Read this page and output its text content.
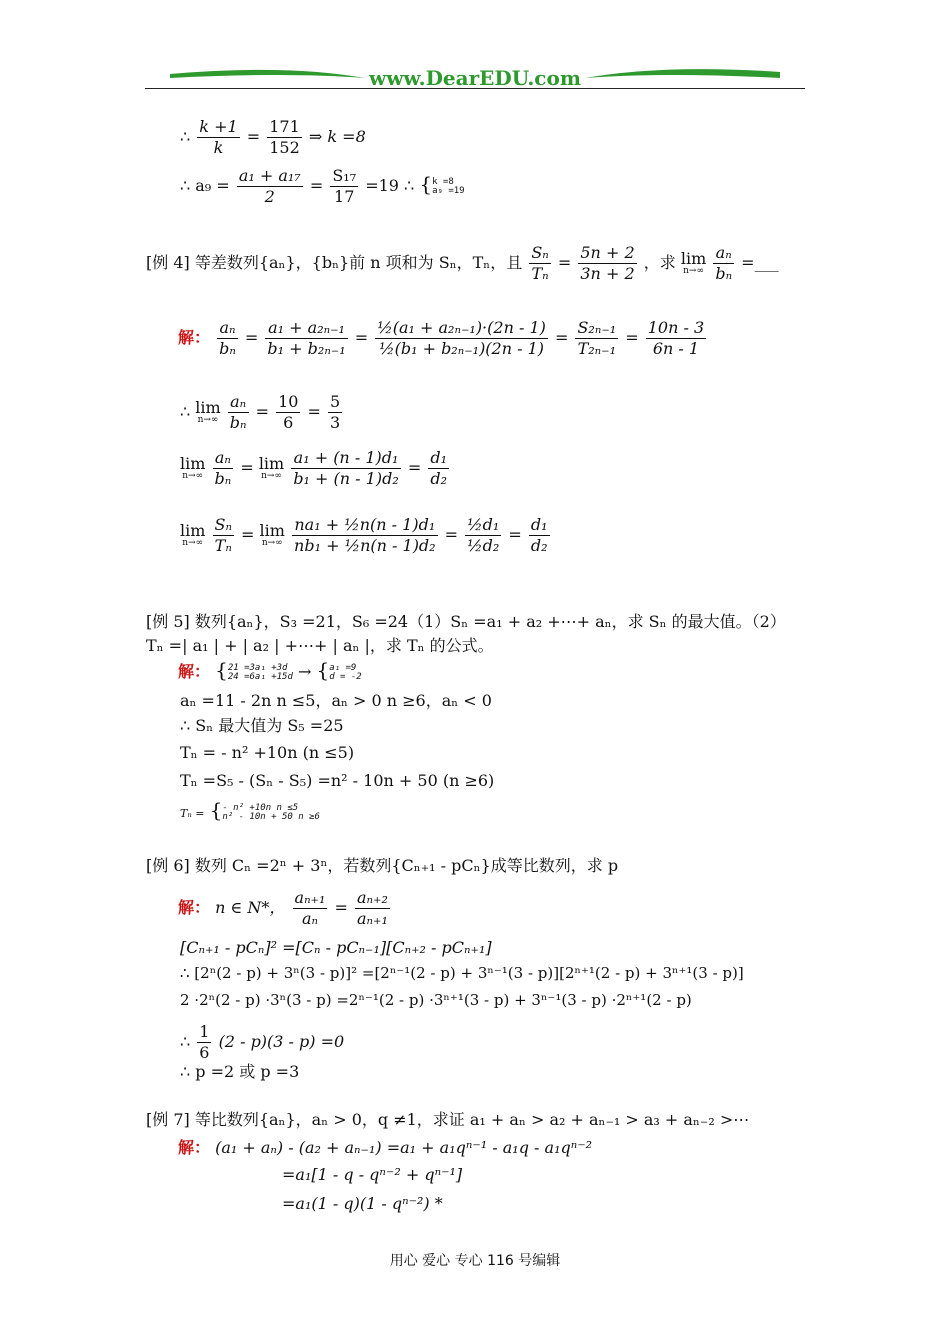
www.DearEDU.com
∴ $\frac{k +1}{k} = \frac{171}{152}$ ⇒ k =8
∴ $a_9 = \frac{\text{a₁ + a₁₇}}{2} = \frac{\text{S₁₇}}{17} =19$ ∴ { k =8
a₉ =19
[例 4] 等差数列{aₙ}，{bₙ}前 n 项和为 Sₙ，Tₙ，且 $\frac{\text{Sₙ}}{\text{Tₙ}} = \frac{5n + 2}{3n + 2}$ ，求 lim
n→∞
$\frac{\text{aₙ}}{\text{bₙ}}$ =___
解： $\frac{\text{aₙ}}{\text{bₙ}} = \frac{\text{a₁ + a₂ₙ₋₁}}{\text{b₁ + b₂ₙ₋₁}} = \frac{\text{½(a₁ + a₂ₙ₋₁)·(2n - 1)}}{\text{½(b₁ + b₂ₙ₋₁)(2n - 1)}} = \frac{\text{S₂ₙ₋₁}}{\text{T₂ₙ₋₁}} = \frac{10n - 3}{6n - 1}$
∴ lim
n→∞
$\frac{\text{aₙ}}{\text{bₙ}} = \frac{10}{6} = \frac{5}{3}$
lim
n→∞
$\frac{\text{aₙ}}{\text{bₙ}} = \lim$
n→∞
$\frac{\text{a₁ + (n - 1)d₁}}{\text{b₁ + (n - 1)d₂}} = \frac{\text{d₁}}{\text{d₂}}$
lim
n→∞
$\frac{\text{Sₙ}}{\text{Tₙ}} = \lim$
n→∞
$\frac{\text{na₁ + ½n(n - 1)d₁}}{\text{nb₁ + ½n(n - 1)d₂}} = \frac{\text{½d₁}}{\text{½d₂}} = \frac{\text{d₁}}{\text{d₂}}$
[例 5] 数列{aₙ}，S₃ =21，S₆ =24（1）Sₙ =a₁ + a₂ +⋯+ aₙ，求 Sₙ 的最大值。（2）
Tₙ =| a₁ | + | a₂ | +⋯+ | aₙ |，求 Tₙ 的公式。
解： { 21 =3a₁ +3d
24 =6a₁ +15d → { a₁ =9
d = -2
aₙ =11 - 2n n ≤5，aₙ > 0 n ≥6，aₙ < 0
∴ Sₙ 最大值为 S₅ =25
Tₙ = - n² +10n (n ≤5)
Tₙ =S₅ - (Sₙ - S₅) =n² - 10n + 50 (n ≥6)
Tₙ = { - n² +10n n ≤5
n² - 10n + 50 n ≥6
[例 6] 数列 Cₙ =2ⁿ + 3ⁿ，若数列{Cₙ₊₁ - pCₙ}成等比数列，求 p
解： n ∈ N*， $\frac{\text{aₙ₊₁}}{\text{aₙ}} = \frac{\text{aₙ₊₂}}{\text{aₙ₊₁}}$
[Cₙ₊₁ - pCₙ]² =[Cₙ - pCₙ₋₁][Cₙ₊₂ - pCₙ₊₁]
∴ [2ⁿ(2 - p) + 3ⁿ(3 - p)]² =[2ⁿ⁻¹(2 - p) + 3ⁿ⁻¹(3 - p)][2ⁿ⁺¹(2 - p) + 3ⁿ⁺¹(3 - p)]
2 ·2ⁿ(2 - p) ·3ⁿ(3 - p) =2ⁿ⁻¹(2 - p) ·3ⁿ⁺¹(3 - p) + 3ⁿ⁻¹(3 - p) ·2ⁿ⁺¹(2 - p)
∴ $\frac{1}{6} (2 - p)(3 - p) =0$
∴ p =2 或 p =3
[例 7] 等比数列{aₙ}，aₙ > 0，q ≠1，求证 a₁ + aₙ > a₂ + aₙ₋₁ > a₃ + aₙ₋₂ >⋯
解： (a₁ + aₙ) - (a₂ + aₙ₋₁) =a₁ + a₁qⁿ⁻¹ - a₁q - a₁qⁿ⁻²
=a₁[1 - q - qⁿ⁻² + qⁿ⁻¹]
=a₁(1 - q)(1 - qⁿ⁻²) *
用心 爱心 专心 116 号编辑
